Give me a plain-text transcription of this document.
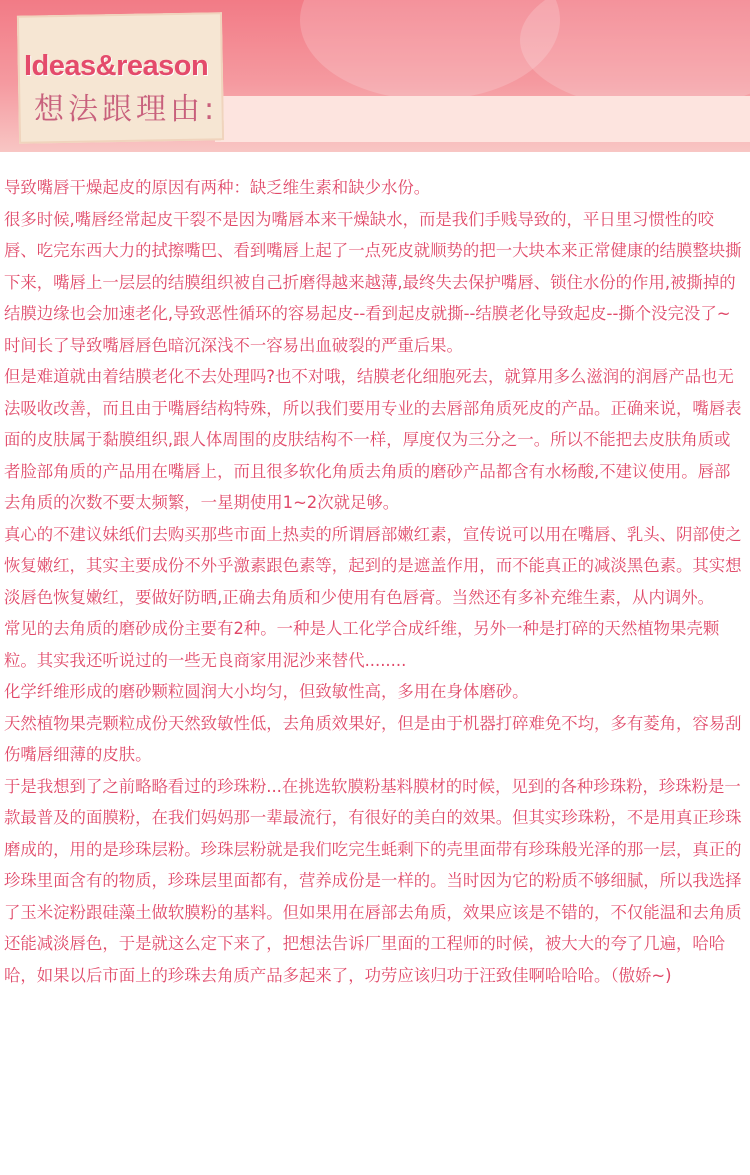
Ideas&reason

想法跟理由:

导致嘴唇干燥起皮的原因有两种：缺乏维生素和缺少水份。

很多时候,嘴唇经常起皮干裂不是因为嘴唇本来干燥缺水，而是我们手贱导致的，平日里习惯性的咬唇、吃完东西大力的拭擦嘴巴、看到嘴唇上起了一点死皮就顺势的把一大块本来正常健康的结膜整块撕下来，嘴唇上一层层的结膜组织被自己折磨得越来越薄,最终失去保护嘴唇、锁住水份的作用,被撕掉的结膜边缘也会加速老化,导致恶性循环的容易起皮--看到起皮就撕--结膜老化导致起皮--撕个没完没了~时间长了导致嘴唇唇色暗沉深浅不一容易出血破裂的严重后果。

但是难道就由着结膜老化不去处理吗?也不对哦，结膜老化细胞死去，就算用多么滋润的润唇产品也无法吸收改善，而且由于嘴唇结构特殊，所以我们要用专业的去唇部角质死皮的产品。正确来说，嘴唇表面的皮肤属于黏膜组织,跟人体周围的皮肤结构不一样，厚度仅为三分之一。所以不能把去皮肤角质或者脸部角质的产品用在嘴唇上，而且很多软化角质去角质的磨砂产品都含有水杨酸,不建议使用。唇部去角质的次数不要太频繁，一星期使用1~2次就足够。

真心的不建议妹纸们去购买那些市面上热卖的所谓唇部嫩红素，宣传说可以用在嘴唇、乳头、阴部使之恢复嫩红，其实主要成份不外乎激素跟色素等，起到的是遮盖作用，而不能真正的减淡黑色素。其实想淡唇色恢复嫩红，要做好防晒,正确去角质和少使用有色唇膏。当然还有多补充维生素，从内调外。

常见的去角质的磨砂成份主要有2种。一种是人工化学合成纤维，另外一种是打碎的天然植物果壳颗粒。其实我还听说过的一些无良商家用泥沙来替代........

化学纤维形成的磨砂颗粒圆润大小均匀，但致敏性高，多用在身体磨砂。

天然植物果壳颗粒成份天然致敏性低，去角质效果好，但是由于机器打碎难免不均，多有菱角，容易刮伤嘴唇细薄的皮肤。

于是我想到了之前略略看过的珍珠粉...在挑选软膜粉基料膜材的时候，见到的各种珍珠粉，珍珠粉是一款最普及的面膜粉，在我们妈妈那一辈最流行，有很好的美白的效果。但其实珍珠粉，不是用真正珍珠磨成的，用的是珍珠层粉。珍珠层粉就是我们吃完生蚝剩下的壳里面带有珍珠般光泽的那一层，真正的珍珠里面含有的物质，珍珠层里面都有，营养成份是一样的。当时因为它的粉质不够细腻，所以我选择了玉米淀粉跟硅藻土做软膜粉的基料。但如果用在唇部去角质，效果应该是不错的，不仅能温和去角质还能减淡唇色，于是就这么定下来了，把想法告诉厂里面的工程师的时候，被大大的夸了几遍，哈哈哈，如果以后市面上的珍珠去角质产品多起来了，功劳应该归功于汪致佳啊哈哈哈。（傲娇~)
